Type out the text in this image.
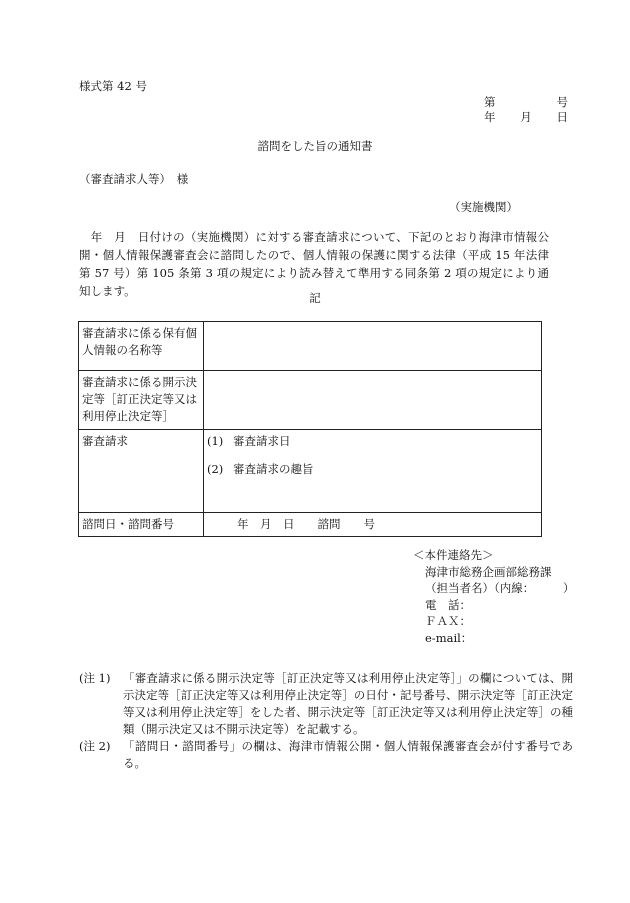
様式第 42 号
第	号
年 月 日
諮問をした旨の通知書
（審査請求人等）　様
（実施機関）
　年　月　日付けの（実施機関）に対する審査請求について、下記のとおり海津市情報公開・個人情報保護審査会に諮問したので、個人情報の保護に関する法律（平成 15 年法律第 57 号）第 105 条第 3 項の規定により読み替えて準用する同条第 2 項の規定により通知します。	記
審査請求に係る保有個人情報の名称等	
審査請求に係る開示決定等［訂正決定等又は利用停止決定等］	
審査請求	(1) 審査請求日
(2) 審査請求の趣旨

諮問日・諮問番号	年　月　日　　諮問　　号
＜本件連絡先＞
海津市総務企画部総務課
（担当者名）（内線：　　　）
電　話：
ＦＡＸ：
e-mail：
(注 1)	「審査請求に係る開示決定等［訂正決定等又は利用停止決定等］」の欄については、開示決定等［訂正決定等又は利用停止決定等］の日付・記号番号、開示決定等［訂正決定等又は利用停止決定等］をした者、開示決定等［訂正決定等又は利用停止決定等］の種類（開示決定又は不開示決定等）を記載する。
(注 2)	「諮問日・諮問番号」の欄は、海津市情報公開・個人情報保護審査会が付す番号である。
